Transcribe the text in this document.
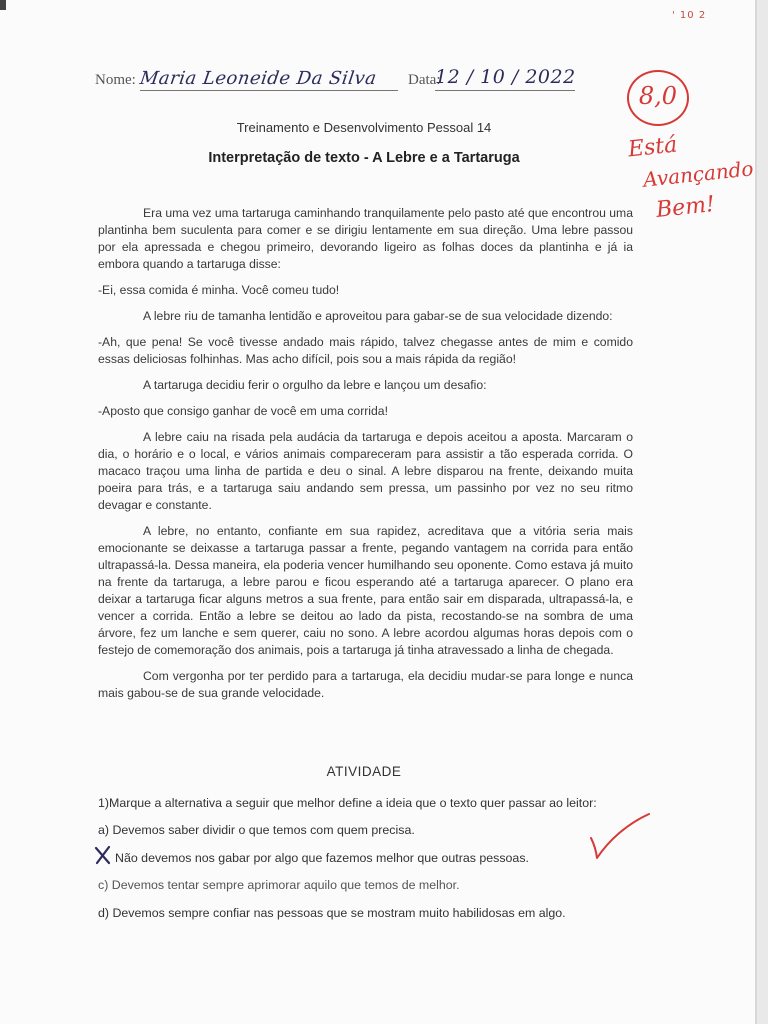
' 10 2
Nome: Maria Leoneide Da Silva Data:
12 / 10 / 2022
8,0
Está
Avançando
Bem!
Treinamento e Desenvolvimento Pessoal 14
Interpretação de texto - A Lebre e a Tartaruga

Era uma vez uma tartaruga caminhando tranquilamente pelo pasto até que encontrou uma plantinha bem suculenta para comer e se dirigiu lentamente em sua direção. Uma lebre passou por ela apressada e chegou primeiro, devorando ligeiro as folhas doces da plantinha e já ia embora quando a tartaruga disse:

-Ei, essa comida é minha. Você comeu tudo!

A lebre riu de tamanha lentidão e aproveitou para gabar-se de sua velocidade dizendo:

-Ah, que pena! Se você tivesse andado mais rápido, talvez chegasse antes de mim e comido essas deliciosas folhinhas. Mas acho difícil, pois sou a mais rápida da região!

A tartaruga decidiu ferir o orgulho da lebre e lançou um desafio:

-Aposto que consigo ganhar de você em uma corrida!

A lebre caiu na risada pela audácia da tartaruga e depois aceitou a aposta. Marcaram o dia, o horário e o local, e vários animais compareceram para assistir a tão esperada corrida. O macaco traçou uma linha de partida e deu o sinal. A lebre disparou na frente, deixando muita poeira para trás, e a tartaruga saiu andando sem pressa, um passinho por vez no seu ritmo devagar e constante.

A lebre, no entanto, confiante em sua rapidez, acreditava que a vitória seria mais emocionante se deixasse a tartaruga passar a frente, pegando vantagem na corrida para então ultrapassá-la. Dessa maneira, ela poderia vencer humilhando seu oponente. Como estava já muito na frente da tartaruga, a lebre parou e ficou esperando até a tartaruga aparecer. O plano era deixar a tartaruga ficar alguns metros a sua frente, para então sair em disparada, ultrapassá-la, e vencer a corrida. Então a lebre se deitou ao lado da pista, recostando-se na sombra de uma árvore, fez um lanche e sem querer, caiu no sono. A lebre acordou algumas horas depois com o festejo de comemoração dos animais, pois a tartaruga já tinha atravessado a linha de chegada.

Com vergonha por ter perdido para a tartaruga, ela decidiu mudar-se para longe e nunca mais gabou-se de sua grande velocidade.

ATIVIDADE
1)Marque a alternativa a seguir que melhor define a ideia que o texto quer passar ao leitor:
a) Devemos saber dividir o que temos com quem precisa.
Não devemos nos gabar por algo que fazemos melhor que outras pessoas.
c) Devemos tentar sempre aprimorar aquilo que temos de melhor.
d) Devemos sempre confiar nas pessoas que se mostram muito habilidosas em algo.
